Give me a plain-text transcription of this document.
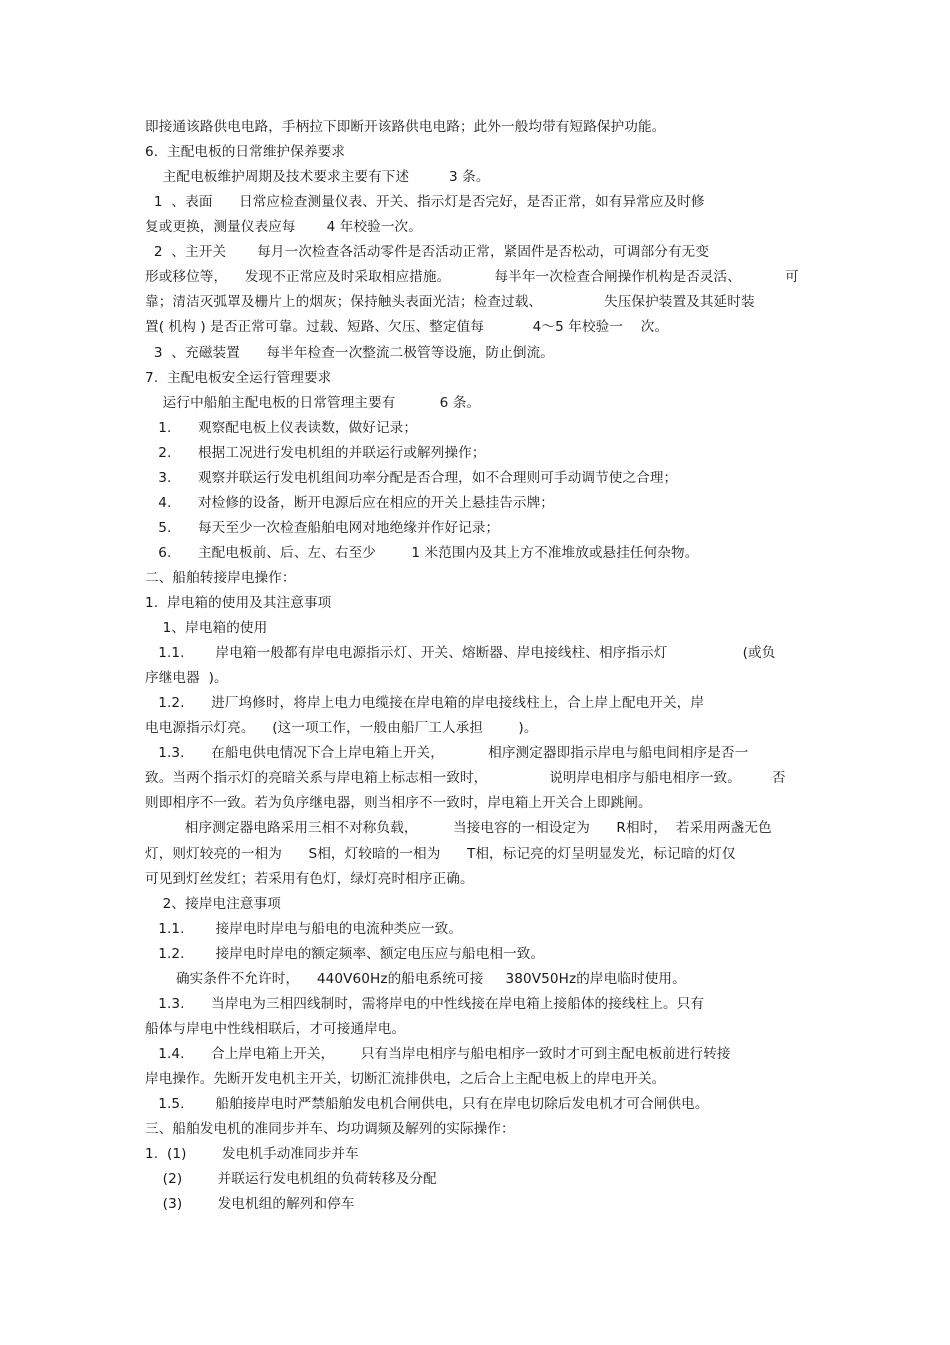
即接通该路供电电路，手柄拉下即断开该路供电电路；此外一般均带有短路保护功能。
6.  主配电板的日常维护保养要求
主配电板维护周期及技术要求主要有下述         3 条。
1  、表面      日常应检查测量仪表、开关、指示灯是否完好，是否正常，如有异常应及时修
复或更换，测量仪表应每       4 年校验一次。
2  、主开关       每月一次检查各活动零件是否活动正常，紧固件是否松动，可调部分有无变
形或移位等，    发现不正常应及时采取相应措施。          每半年一次检查合闸操作机构是否灵活、          可
靠；清洁灭弧罩及栅片上的烟灰；保持触头表面光洁；检查过载、              失压保护装置及其延时装
置( 机构 ) 是否正常可靠。过载、短路、欠压、整定值每           4～5 年校验一    次。
3  、充磁装置      每半年检查一次整流二极管等设施，防止倒流。
7.  主配电板安全运行管理要求
运行中船舶主配电板的日常管理主要有          6 条。
1.      观察配电板上仪表读数，做好记录；
2.      根据工况进行发电机组的并联运行或解列操作；
3.      观察并联运行发电机组间功率分配是否合理，如不合理则可手动调节使之合理；
4.      对检修的设备，断开电源后应在相应的开关上悬挂告示牌；
5.      每天至少一次检查船舶电网对地绝缘并作好记录；
6.      主配电板前、后、左、右至少        1 米范围内及其上方不准堆放或悬挂任何杂物。
二、船舶转接岸电操作：
1.  岸电箱的使用及其注意事项
1、岸电箱的使用
1.1.       岸电箱一般都有岸电电源指示灯、开关、熔断器、岸电接线柱、相序指示灯                 (或负
序继电器  )。
1.2.      进厂坞修时，将岸上电力电缆接在岸电箱的岸电接线柱上，合上岸上配电开关，岸
电电源指示灯亮。    (这一项工作，一般由船厂工人承担        )。
1.3.      在船电供电情况下合上岸电箱上开关，          相序测定器即指示岸电与船电间相序是否一
致。当两个指示灯的亮暗关系与岸电箱上标志相一致时，              说明岸电相序与船电相序一致。       否
则即相序不一致。若为负序继电器，则当相序不一致时，岸电箱上开关合上即跳闸。
相序测定器电路采用三相不对称负载，        当接电容的一相设定为      R相时，  若采用两盏无色
灯，则灯较亮的一相为      S相，灯较暗的一相为      T相，标记亮的灯呈明显发光，标记暗的灯仅
可见到灯丝发红；若采用有色灯，绿灯亮时相序正确。
2、接岸电注意事项
1.1.       接岸电时岸电与船电的电流种类应一致。
1.2.       接岸电时岸电的额定频率、额定电压应与船电相一致。
确实条件不允许时，    440V60Hz的船电系统可接     380V50Hz的岸电临时使用。
1.3.      当岸电为三相四线制时，需将岸电的中性线接在岸电箱上接船体的接线柱上。只有
船体与岸电中性线相联后，才可接通岸电。
1.4.      合上岸电箱上开关，      只有当岸电相序与船电相序一致时才可到主配电板前进行转接
岸电操作。先断开发电机主开关，切断汇流排供电，之后合上主配电板上的岸电开关。
1.5.       船舶接岸电时严禁船舶发电机合闸供电，只有在岸电切除后发电机才可合闸供电。
三、船舶发电机的准同步并车、均功调频及解列的实际操作：
1.  (1)        发电机手动准同步并车
(2)        并联运行发电机组的负荷转移及分配
(3)        发电机组的解列和停车
